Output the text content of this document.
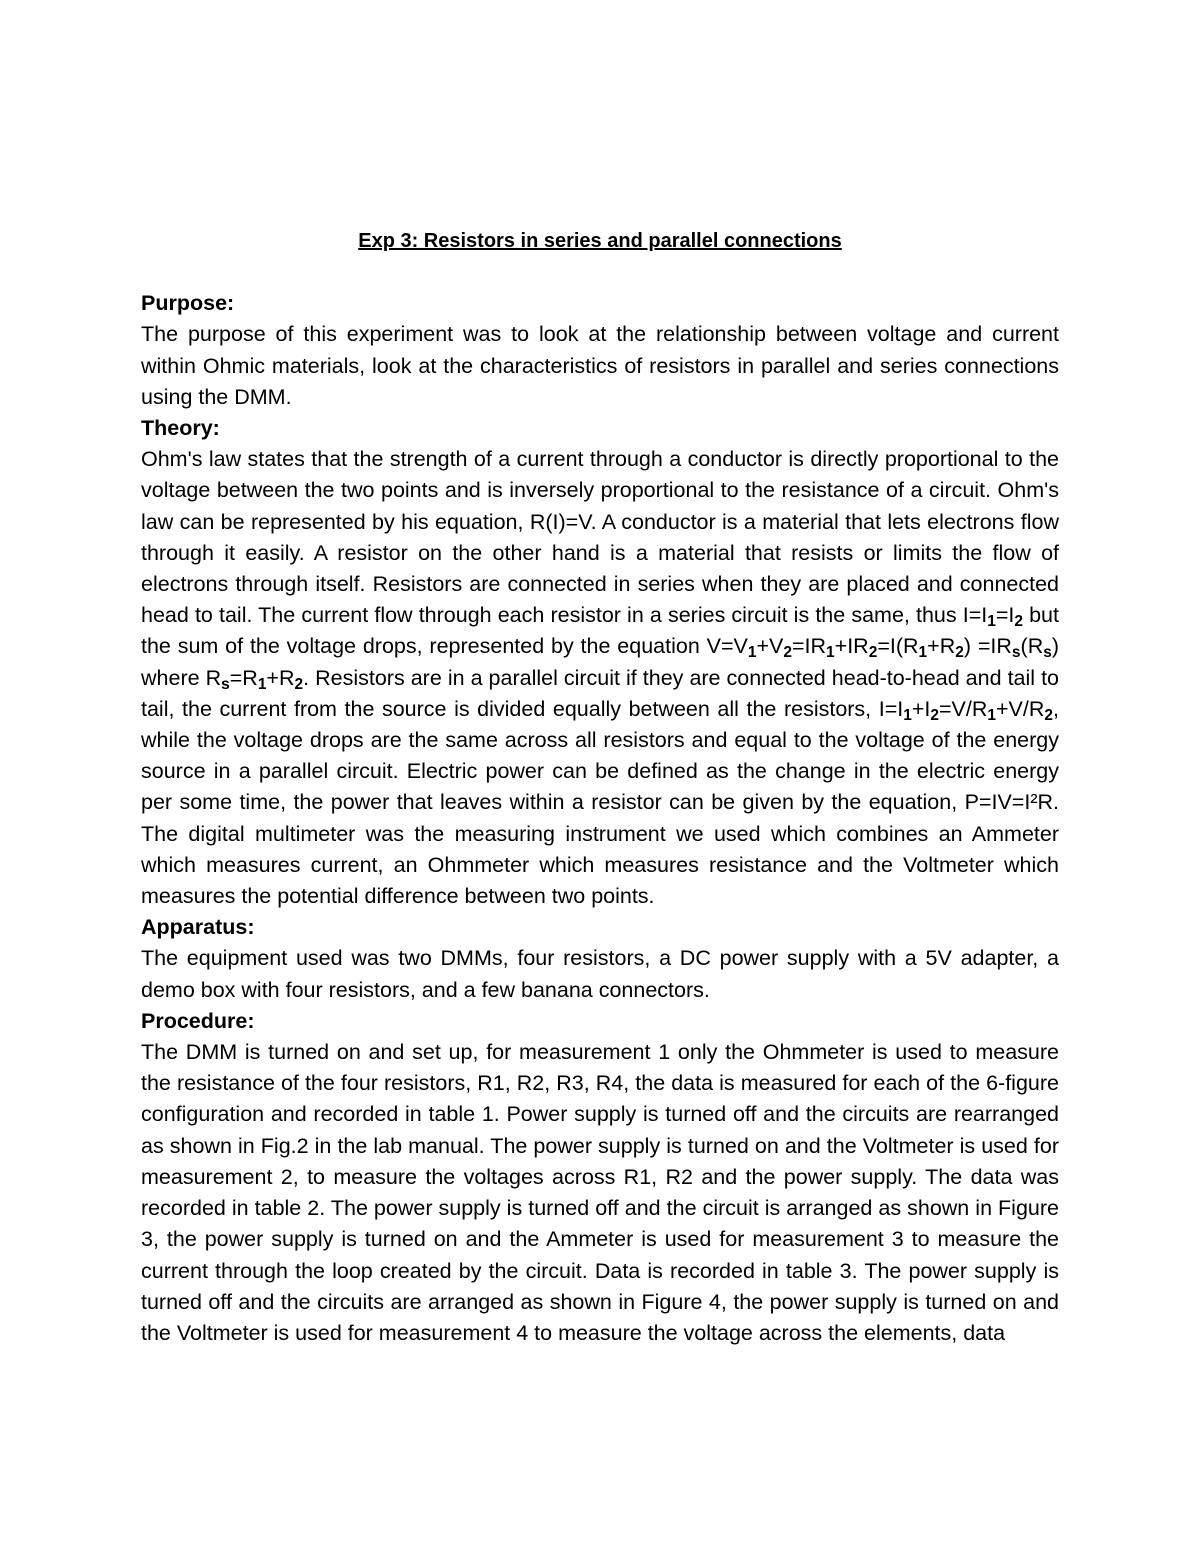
Exp 3: Resistors in series and parallel connections

Purpose:

The purpose of this experiment was to look at the relationship between voltage and current within Ohmic materials, look at the characteristics of resistors in parallel and series connections using the DMM.

Theory:

Ohm's law states that the strength of a current through a conductor is directly proportional to the voltage between the two points and is inversely proportional to the resistance of a circuit. Ohm's law can be represented by his equation, R(I)=V. A conductor is a material that lets electrons flow through it easily. A resistor on the other hand is a material that resists or limits the flow of electrons through itself. Resistors are connected in series when they are placed and connected head to tail. The current flow through each resistor in a series circuit is the same, thus $I=I_1=I_2$ but the sum of the voltage drops, represented by the equation $V=V_1+V_2=IR_1+IR_2=I(R_1+R_2) =IR_s(R_s)$ where $R_s=R_1+R_2$. Resistors are in a parallel circuit if they are connected head-to-head and tail to tail, the current from the source is divided equally between all the resistors, $I=I_1+I_2=V/R_1+V/R_2$, while the voltage drops are the same across all resistors and equal to the voltage of the energy source in a parallel circuit. Electric power can be defined as the change in the electric energy per some time, the power that leaves within a resistor can be given by the equation, P=IV=I²R. The digital multimeter was the measuring instrument we used which combines an Ammeter which measures current, an Ohmmeter which measures resistance and the Voltmeter which measures the potential difference between two points.

Apparatus:

The equipment used was two DMMs, four resistors, a DC power supply with a 5V adapter, a demo box with four resistors, and a few banana connectors.

Procedure:

The DMM is turned on and set up, for measurement 1 only the Ohmmeter is used to measure the resistance of the four resistors, R1, R2, R3, R4, the data is measured for each of the 6-figure configuration and recorded in table 1. Power supply is turned off and the circuits are rearranged as shown in Fig.2 in the lab manual. The power supply is turned on and the Voltmeter is used for measurement 2, to measure the voltages across R1, R2 and the power supply. The data was recorded in table 2. The power supply is turned off and the circuit is arranged as shown in Figure 3, the power supply is turned on and the Ammeter is used for measurement 3 to measure the current through the loop created by the circuit. Data is recorded in table 3. The power supply is turned off and the circuits are arranged as shown in Figure 4, the power supply is turned on and the Voltmeter is used for measurement 4 to measure the voltage across the elements, data
